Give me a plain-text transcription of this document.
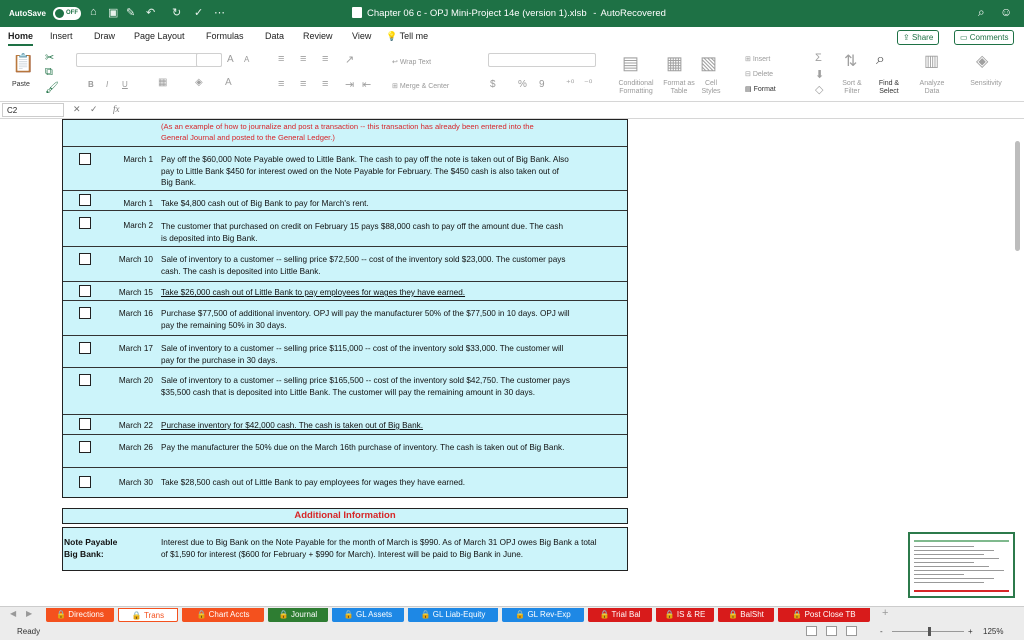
AutoSave	OFF ⌂ ▣ ✎ ↶ ↻ ✓ ⋯	Chapter 06 c - OPJ Mini-Project 14e (version 1).xlsb - AutoRecovered	⌕ ☺
Home Insert Draw Page Layout Formulas Data Review View 💡 Tell me	⇪ Share	▭ Comments
📋
Paste
✂
⧉
🖌
A A
B I U	▦	◈ A
≡ ≡ ≡
≡ ≡ ≡
↗
⇥ ⇤
↩ Wrap Text
⊞ Merge & Center	$ % 9 ⁺⁰ ⁻⁰
▤ ▦ ▧
Conditional Formatting
Format as Table
Cell Styles
⊞ Insert
⊟ Delete
▤ Format
Σ
⬇
◇
⇅ ⌕ ▥ ◈
Sort & Filter
Find & Select
Analyze Data
Sensitivity
C2	✕ ✓ fx
(As an example of how to journalize and post a transaction -- this transaction has already been entered into the General Journal and posted to the General Ledger.)
March 1 Pay off the $60,000 Note Payable owed to Little Bank. The cash to pay off the note is taken out of Big Bank. Also pay to Little Bank $450 for interest owed on the Note Payable for February. The $450 cash is also taken out of Big Bank.
March 1 Take $4,800 cash out of Big Bank to pay for March's rent.
March 2 The customer that purchased on credit on February 15 pays $88,000 cash to pay off the amount due. The cash is deposited into Big Bank.
March 10 Sale of inventory to a customer -- selling price $72,500 -- cost of the inventory sold $23,000. The customer pays cash. The cash is deposited into Little Bank.
March 15 Take $26,000 cash out of Little Bank to pay employees for wages they have earned.
March 16 Purchase $77,500 of additional inventory. OPJ will pay the manufacturer 50% of the $77,500 in 10 days. OPJ will pay the remaining 50% in 30 days.
March 17 Sale of inventory to a customer -- selling price $115,000 -- cost of the inventory sold $33,000. The customer will pay for the purchase in 30 days.
March 20 Sale of inventory to a customer -- selling price $165,500 -- cost of the inventory sold $42,750. The customer pays $35,500 cash that is deposited into Little Bank. The customer will pay the remaining amount in 30 days.
March 22 Purchase inventory for $42,000 cash. The cash is taken out of Big Bank.
March 26 Pay the manufacturer the 50% due on the March 16th purchase of inventory. The cash is taken out of Big Bank.
March 30 Take $28,500 cash out of Little Bank to pay employees for wages they have earned.
Additional Information
Note Payable Big Bank:
Interest due to Big Bank on the Note Payable for the month of March is $990. As of March 31 OPJ owes Big Bank a total of $1,590 for interest ($600 for February + $990 for March). Interest will be paid to Big Bank in June.
◀ ▶	🔒 Directions	🔒 Trans	🔒 Chart Accts	🔒 Journal	🔒 GL Assets	🔒 GL Liab-Equity	🔒 GL Rev-Exp	🔒 Trial Bal	🔒 IS & RE	🔒 BalSht	🔒 Post Close TB	+
Ready	-	+ 125%
